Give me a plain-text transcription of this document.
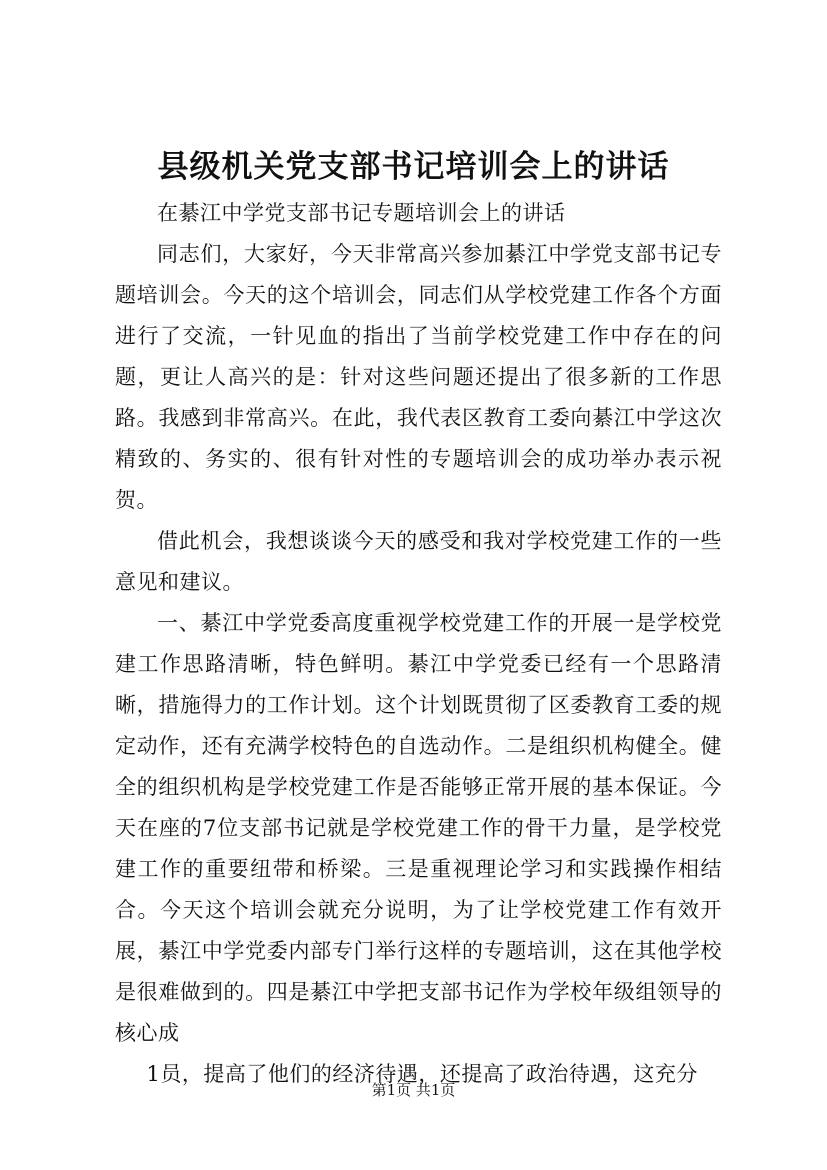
县级机关党支部书记培训会上的讲话

在綦江中学党支部书记专题培训会上的讲话

同志们，大家好，今天非常高兴参加綦江中学党支部书记专题培训会。今天的这个培训会，同志们从学校党建工作各个方面进行了交流，一针见血的指出了当前学校党建工作中存在的问题，更让人高兴的是：针对这些问题还提出了很多新的工作思路。我感到非常高兴。在此，我代表区教育工委向綦江中学这次精致的、务实的、很有针对性的专题培训会的成功举办表示祝贺。

借此机会，我想谈谈今天的感受和我对学校党建工作的一些意见和建议。

一、綦江中学党委高度重视学校党建工作的开展一是学校党建工作思路清晰，特色鲜明。綦江中学党委已经有一个思路清晰，措施得力的工作计划。这个计划既贯彻了区委教育工委的规定动作，还有充满学校特色的自选动作。二是组织机构健全。健全的组织机构是学校党建工作是否能够正常开展的基本保证。今天在座的7位支部书记就是学校党建工作的骨干力量，是学校党建工作的重要纽带和桥梁。三是重视理论学习和实践操作相结合。今天这个培训会就充分说明，为了让学校党建工作有效开展，綦江中学党委内部专门举行这样的专题培训，这在其他学校是很难做到的。四是綦江中学把支部书记作为学校年级组领导的核心成

1员，提高了他们的经济待遇，还提高了政治待遇，这充分

第1页 共1页
